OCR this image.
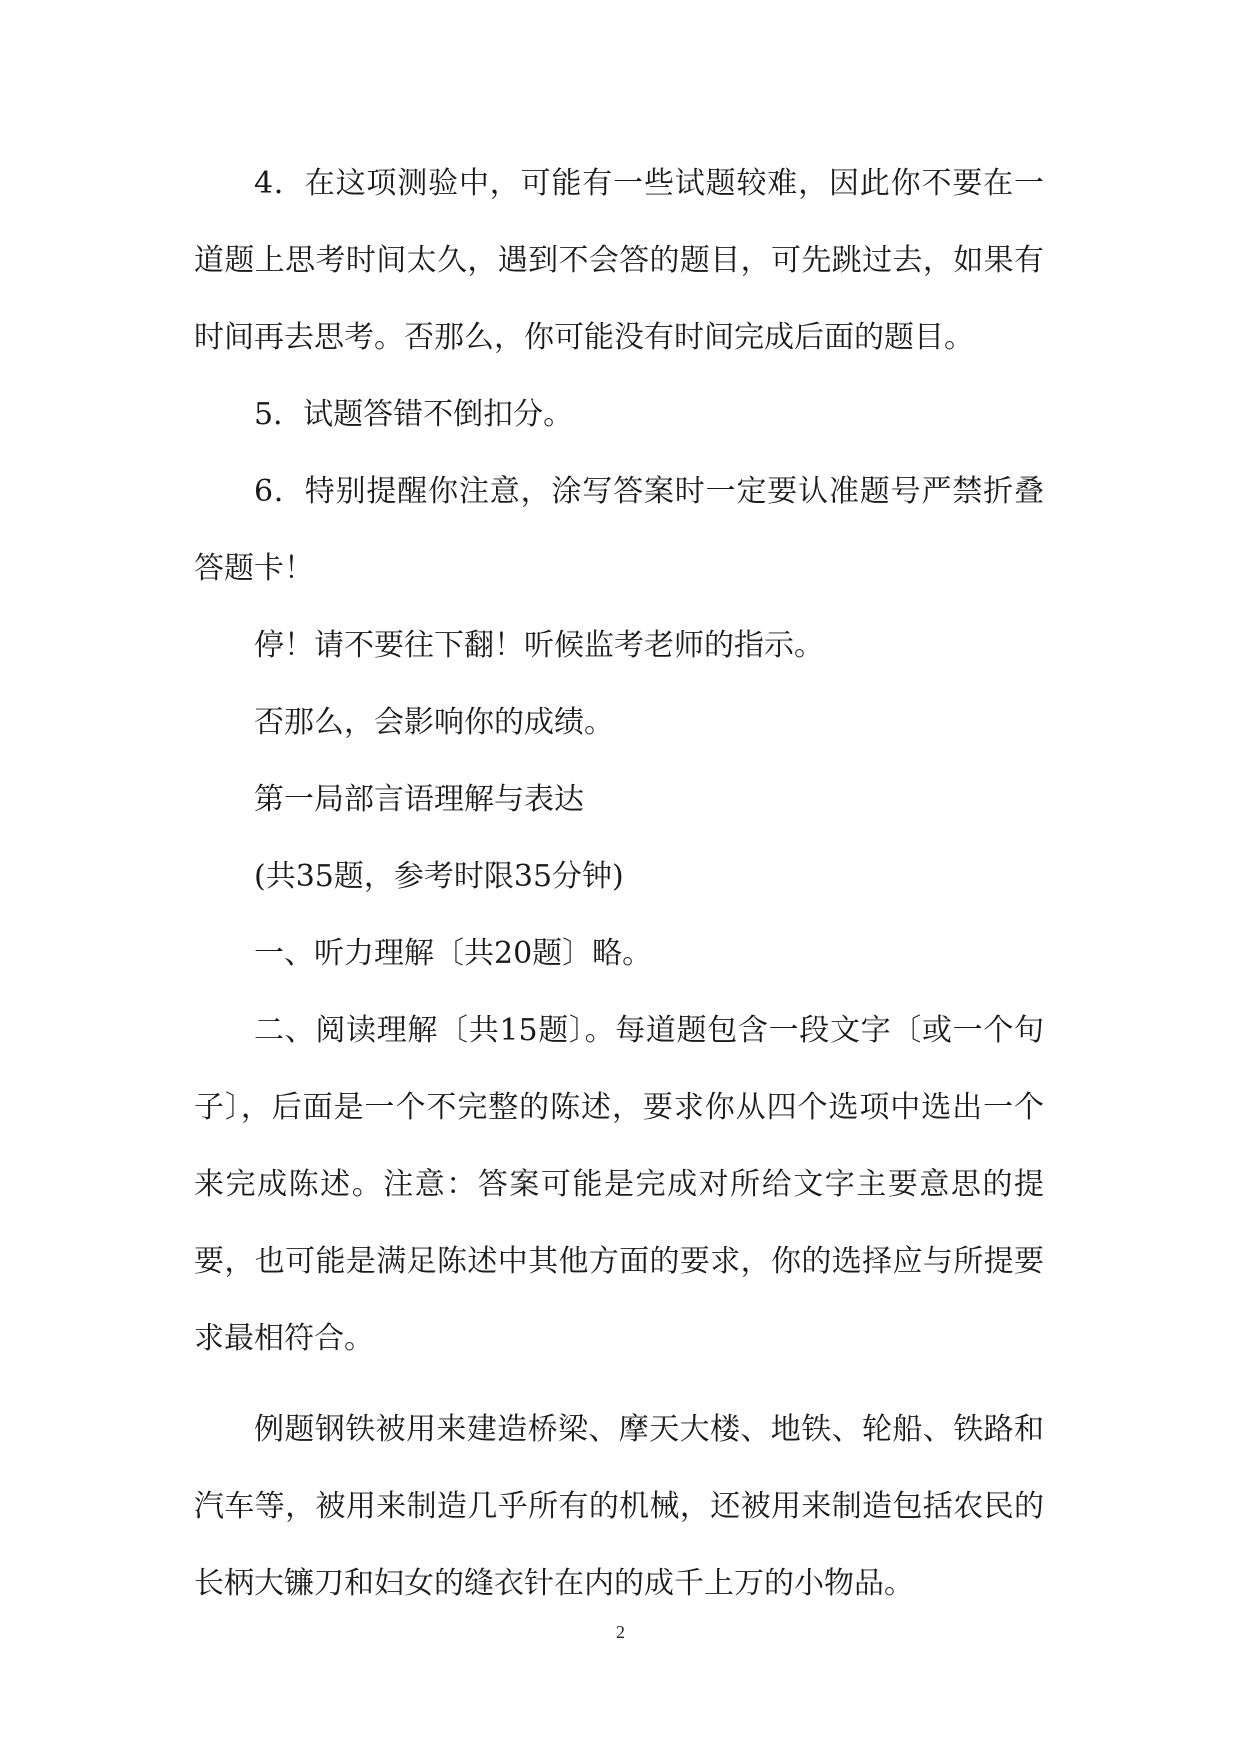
4．在这项测验中，可能有一些试题较难，因此你不要在一道题上思考时间太久，遇到不会答的题目，可先跳过去，如果有时间再去思考。否那么，你可能没有时间完成后面的题目。

5．试题答错不倒扣分。

6．特别提醒你注意，涂写答案时一定要认准题号严禁折叠答题卡！

停！请不要往下翻！听候监考老师的指示。

否那么，会影响你的成绩。

第一局部言语理解与表达

(共35题，参考时限35分钟)

一、听力理解〔共20题〕略。

二、阅读理解〔共15题〕。每道题包含一段文字〔或一个句子〕，后面是一个不完整的陈述，要求你从四个选项中选出一个来完成陈述。注意：答案可能是完成对所给文字主要意思的提要，也可能是满足陈述中其他方面的要求，你的选择应与所提要求最相符合。

例题钢铁被用来建造桥梁、摩天大楼、地铁、轮船、铁路和汽车等，被用来制造几乎所有的机械，还被用来制造包括农民的长柄大镰刀和妇女的缝衣针在内的成千上万的小物品。

2
